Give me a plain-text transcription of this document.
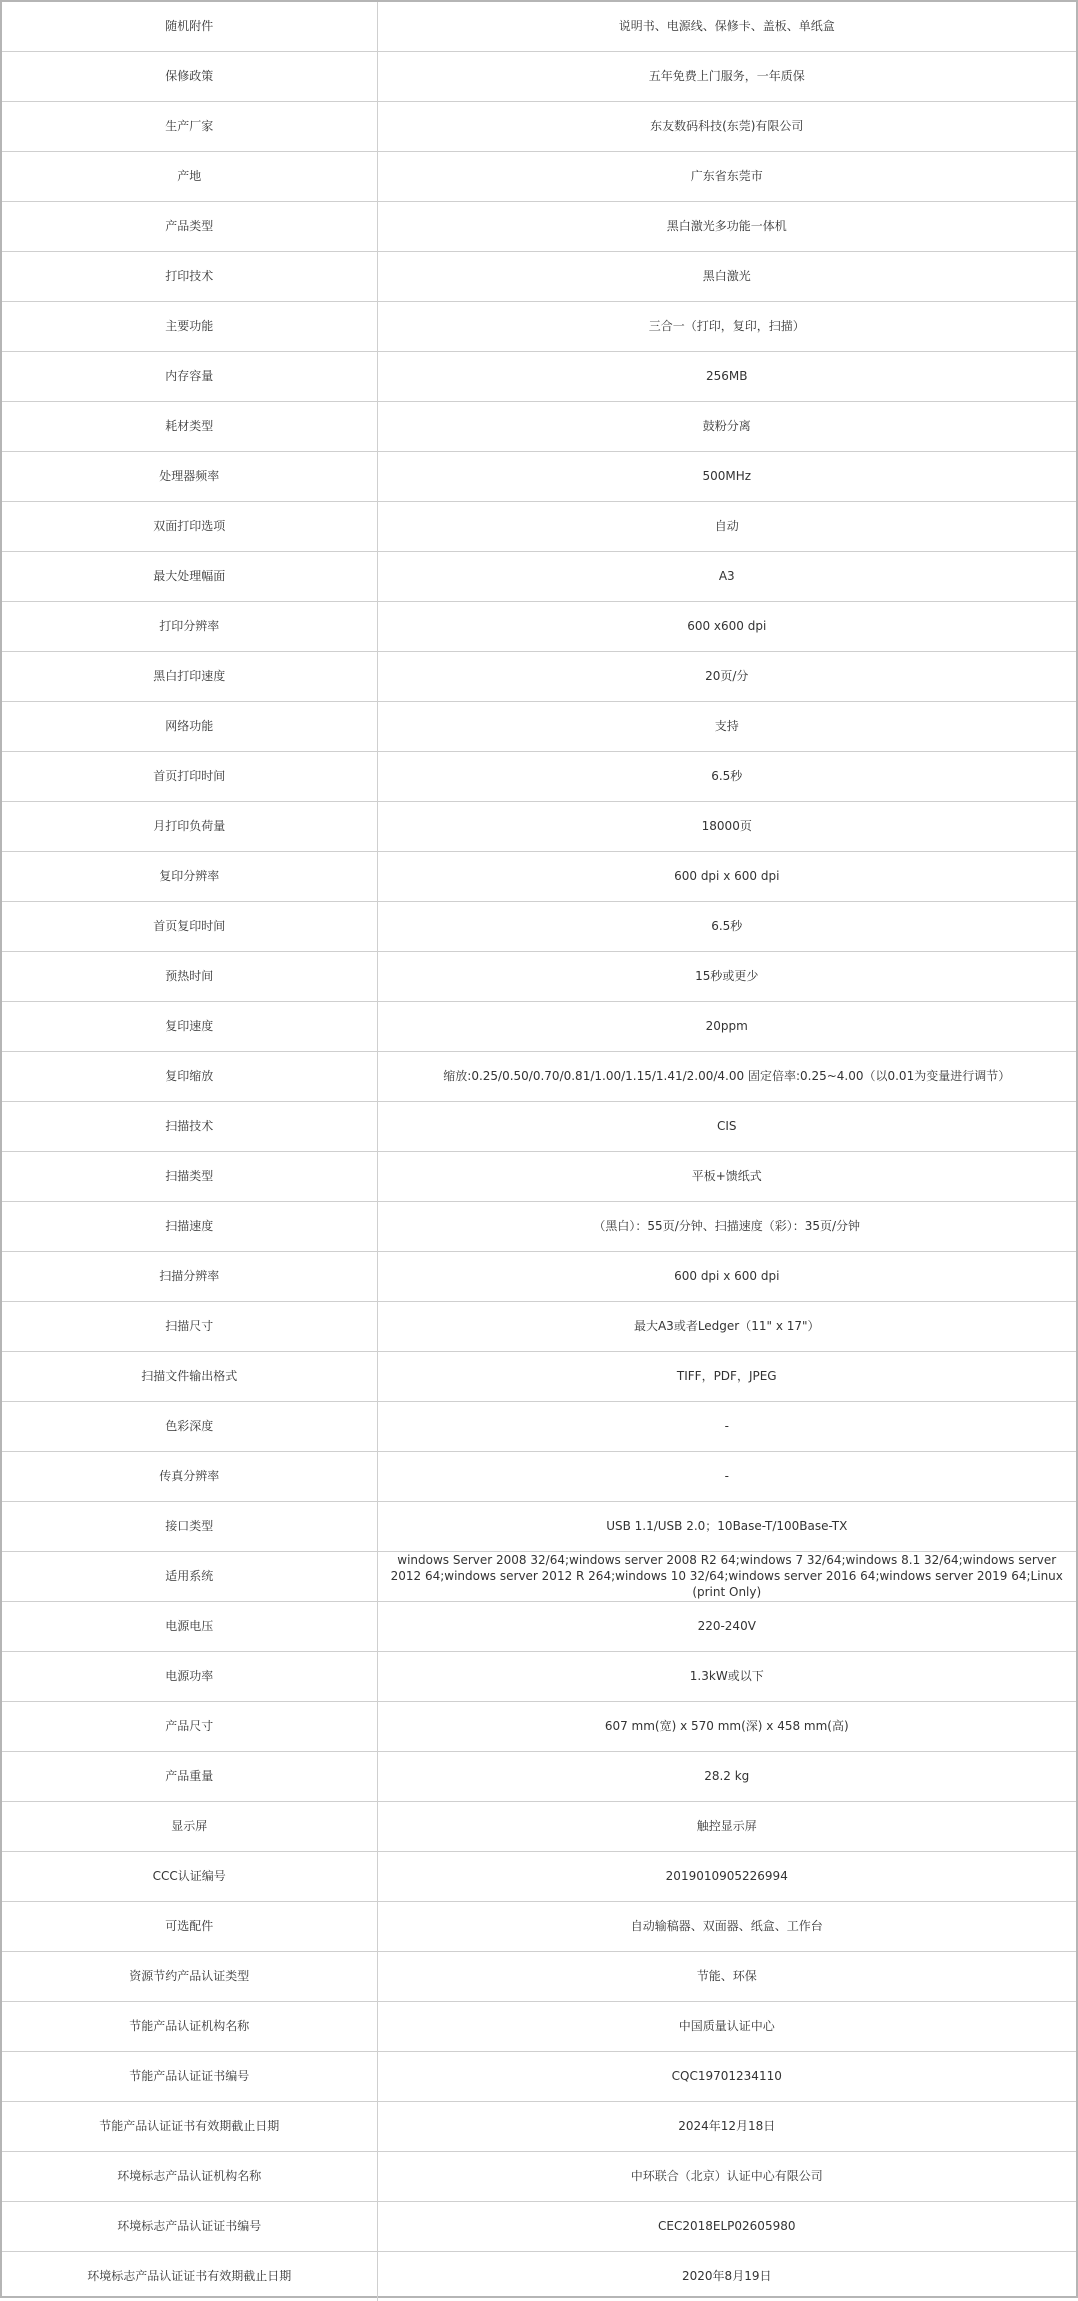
随机附件	说明书、电源线、保修卡、盖板、单纸盒
保修政策	五年免费上门服务，一年质保
生产厂家	东友数码科技(东莞)有限公司
产地	广东省东莞市
产品类型	黑白激光多功能一体机
打印技术	黑白激光
主要功能	三合一（打印，复印，扫描）
内存容量	256MB
耗材类型	鼓粉分离
处理器频率	500MHz
双面打印选项	自动
最大处理幅面	A3
打印分辨率	600 x600 dpi
黑白打印速度	20页/分
网络功能	支持
首页打印时间	6.5秒
月打印负荷量	18000页
复印分辨率	600 dpi x 600 dpi
首页复印时间	6.5秒
预热时间	15秒或更少
复印速度	20ppm
复印缩放	缩放:0.25/0.50/0.70/0.81/1.00/1.15/1.41/2.00/4.00 固定倍率:0.25~4.00（以0.01为变量进行调节）
扫描技术	CIS
扫描类型	平板+馈纸式
扫描速度	（黑白）：55页/分钟、扫描速度（彩）：35页/分钟
扫描分辨率	600 dpi x 600 dpi
扫描尺寸	最大A3或者Ledger（11" x 17"）
扫描文件输出格式	TIFF，PDF，JPEG
色彩深度	-
传真分辨率	-
接口类型	USB 1.1/USB 2.0；10Base-T/100Base-TX
适用系统	windows Server 2008 32/64;windows server 2008 R2 64;windows 7 32/64;windows 8.1 32/64;windows server 2012 64;windows server 2012 R 264;windows 10 32/64;windows server 2016 64;windows server 2019 64;Linux (print Only)
电源电压	220-240V
电源功率	1.3kW或以下
产品尺寸	607 mm(宽) x 570 mm(深) x 458 mm(高)
产品重量	28.2 kg
显示屏	触控显示屏
CCC认证编号	2019010905226994
可选配件	自动输稿器、双面器、纸盒、工作台
资源节约产品认证类型	节能、环保
节能产品认证机构名称	中国质量认证中心
节能产品认证证书编号	CQC19701234110
节能产品认证证书有效期截止日期	2024年12月18日
环境标志产品认证机构名称	中环联合（北京）认证中心有限公司
环境标志产品认证证书编号	CEC2018ELP02605980
环境标志产品认证证书有效期截止日期	2020年8月19日
